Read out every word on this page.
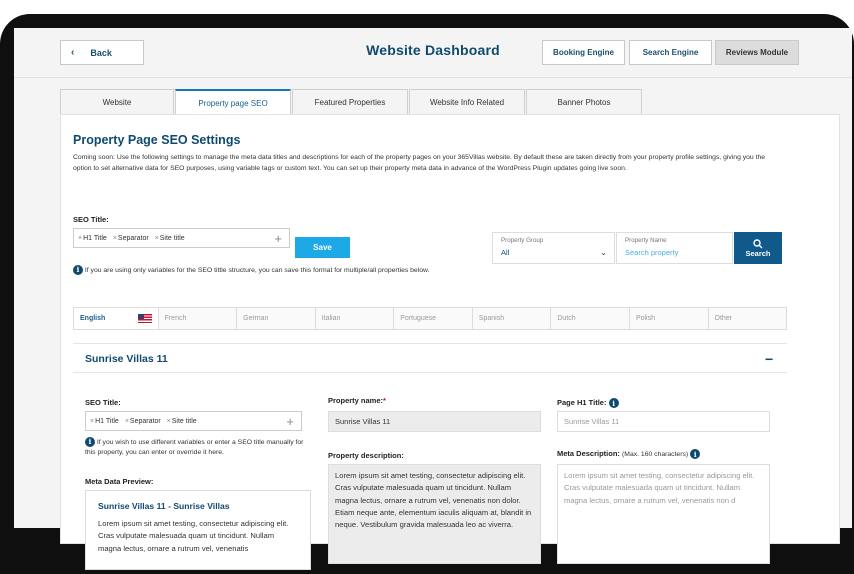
‹ Back	Website Dashboard	Booking Engine	Search Engine	Reviews Module
Website	Property page SEO	Featured Properties	Website Info Related	Banner Photos
Property Page SEO Settings
Coming soon: Use the following settings to manage the meta data titles and descriptions for each of the property pages on your 365Villas website. By default these are taken directly from your property profile settings, giving you the option to set alternative data for SEO purposes, using variable tags or custom text. You can set up their property meta data in advance of the WordPress Plugin updates going live soon.
SEO Title:
×H1 Title ×Separator ×Site title	+
Save
i If you are using only variables for the SEO tittle structure, you can save this format for multiple/all properties below.
Property Group
All	⌄
Property Name
Search property	Search
English	French	German	Italian	Portuguese	Spanish	Dutch	Polish	Other
Sunrise Villas 11	−
SEO Title:
×H1 Title ×Separator ×Site title	+
i If you wish to use different variables or enter a SEO title manually for this property, you can enter or override it here.
Meta Data Preview:
Sunrise Villas 11 - Sunrise Villas
Lorem ipsum sit amet testing, consectetur adipiscing elit. Cras vulputate malesuada quam ut tincidunt. Nullam magna lectus, ornare a rutrum vel, venenatis
Property name:*
Sunrise Villas 11
Property description:
Lorem ipsum sit amet testing, consectetur adipiscing elit. Cras vulputate malesuada quam ut tincidunt. Nullam magna lectus, ornare a rutrum vel, venenatis non dolor. Etiam neque ante, elementum iaculis aliquam at, blandit in neque. Vestibulum gravida malesuada leo ac viverra.
Page H1 Title: i
Sunrise Villas 11
Meta Description: (Max. 160 characters) i
Lorem ipsum sit amet testing, consectetur adipiscing elit. Cras vulputate malesuada quam ut tincidunt. Nullam magna lectus, ornare a rutrum vel, venenatis non d
